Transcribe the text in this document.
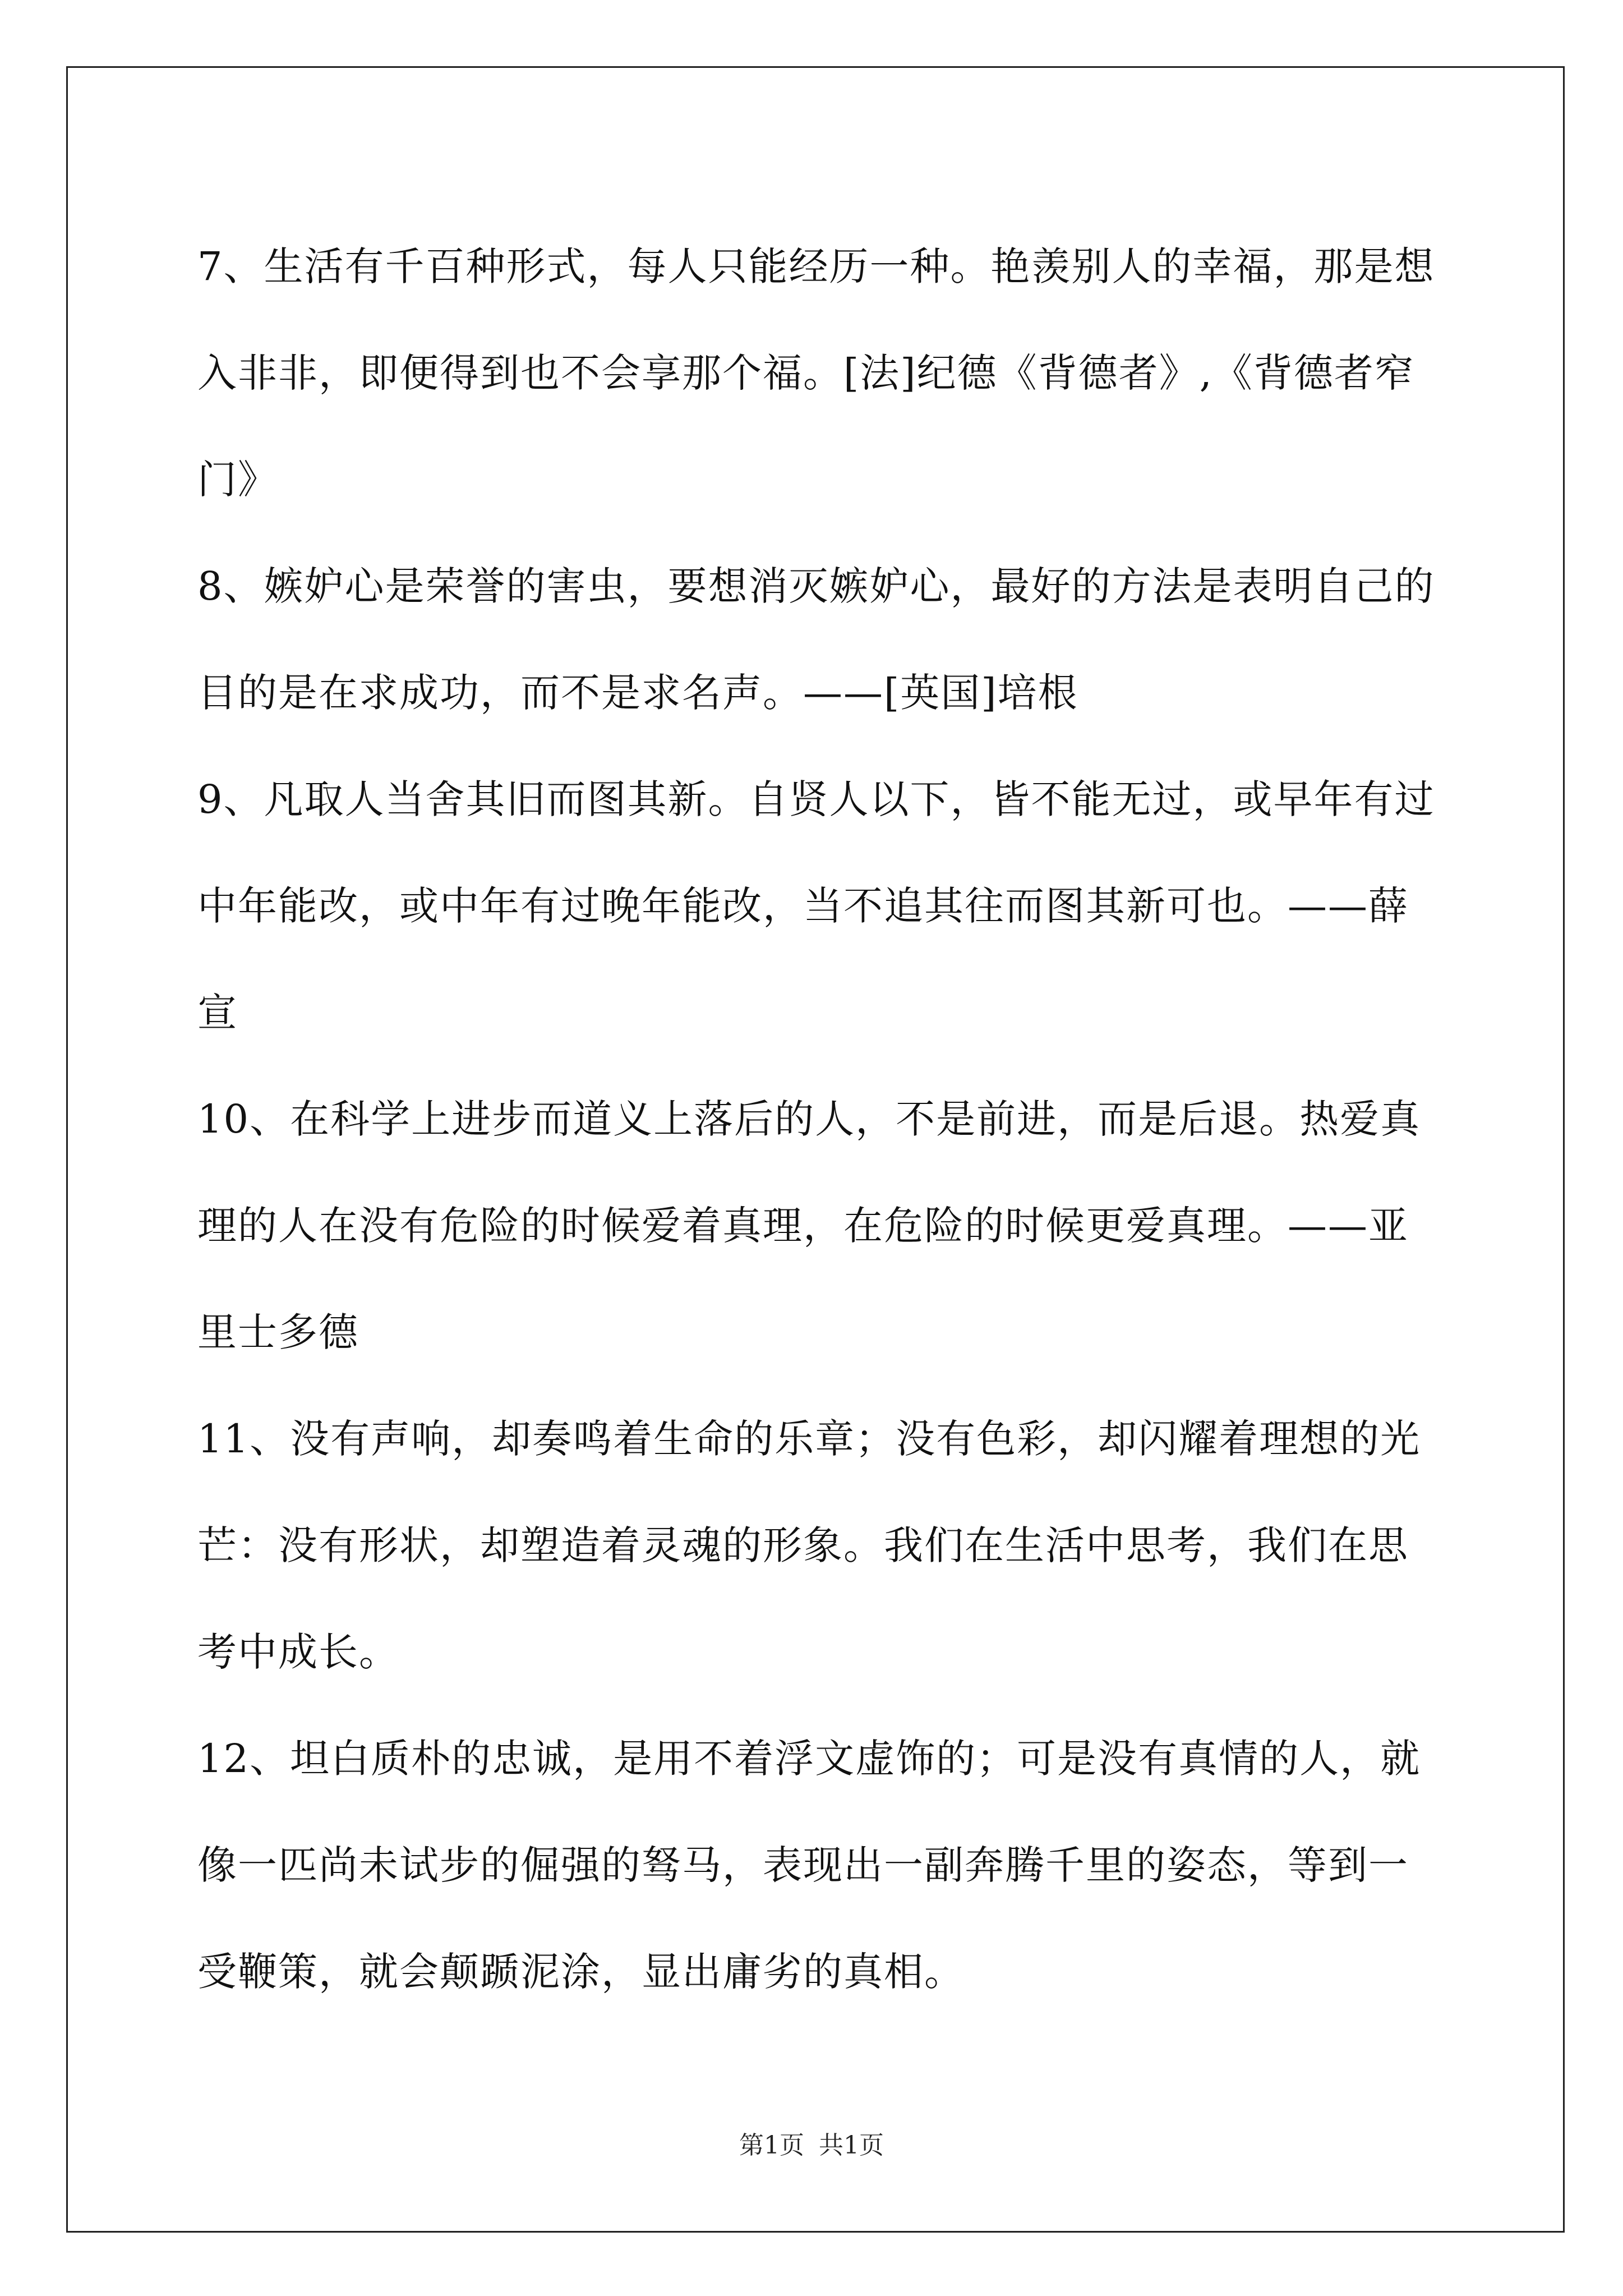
7、生活有千百种形式，每人只能经历一种。艳羡别人的幸福，那是想
入非非，即便得到也不会享那个福。[法]纪德《背德者》,《背德者窄
门》
8、嫉妒心是荣誉的害虫，要想消灭嫉妒心，最好的方法是表明自己的
目的是在求成功，而不是求名声。——[英国]培根
9、凡取人当舍其旧而图其新。自贤人以下，皆不能无过，或早年有过
中年能改，或中年有过晚年能改，当不追其往而图其新可也。——薛
宣
10、在科学上进步而道义上落后的人，不是前进，而是后退。热爱真
理的人在没有危险的时候爱着真理，在危险的时候更爱真理。——亚
里士多德
11、没有声响，却奏鸣着生命的乐章；没有色彩，却闪耀着理想的光
芒：没有形状，却塑造着灵魂的形象。我们在生活中思考，我们在思
考中成长。
12、坦白质朴的忠诚，是用不着浮文虚饰的；可是没有真情的人，就
像一匹尚未试步的倔强的驽马，表现出一副奔腾千里的姿态，等到一
受鞭策，就会颠踬泥涂，显出庸劣的真相。
第1页 共1页
